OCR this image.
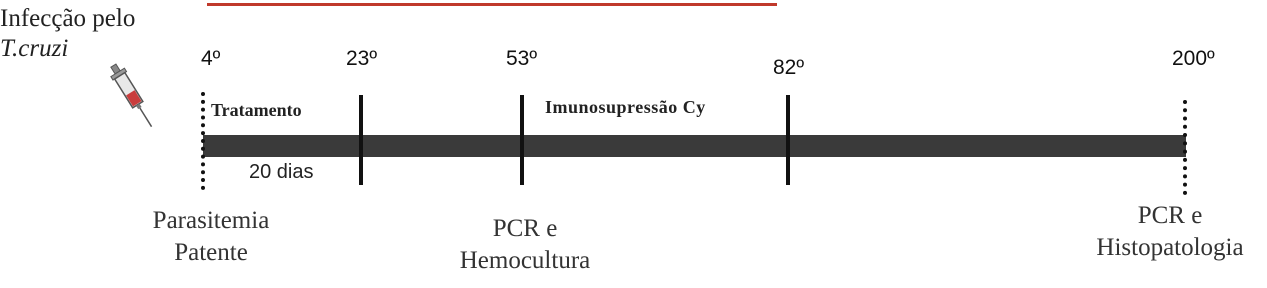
Infecção pelo
T.cruzi	4º	23º	53º	82º	200º
Tratamento	Imunosupressão Cy
20 dias
Parasitemia
Patente
PCR e
Hemocultura
PCR e
Histopatologia
